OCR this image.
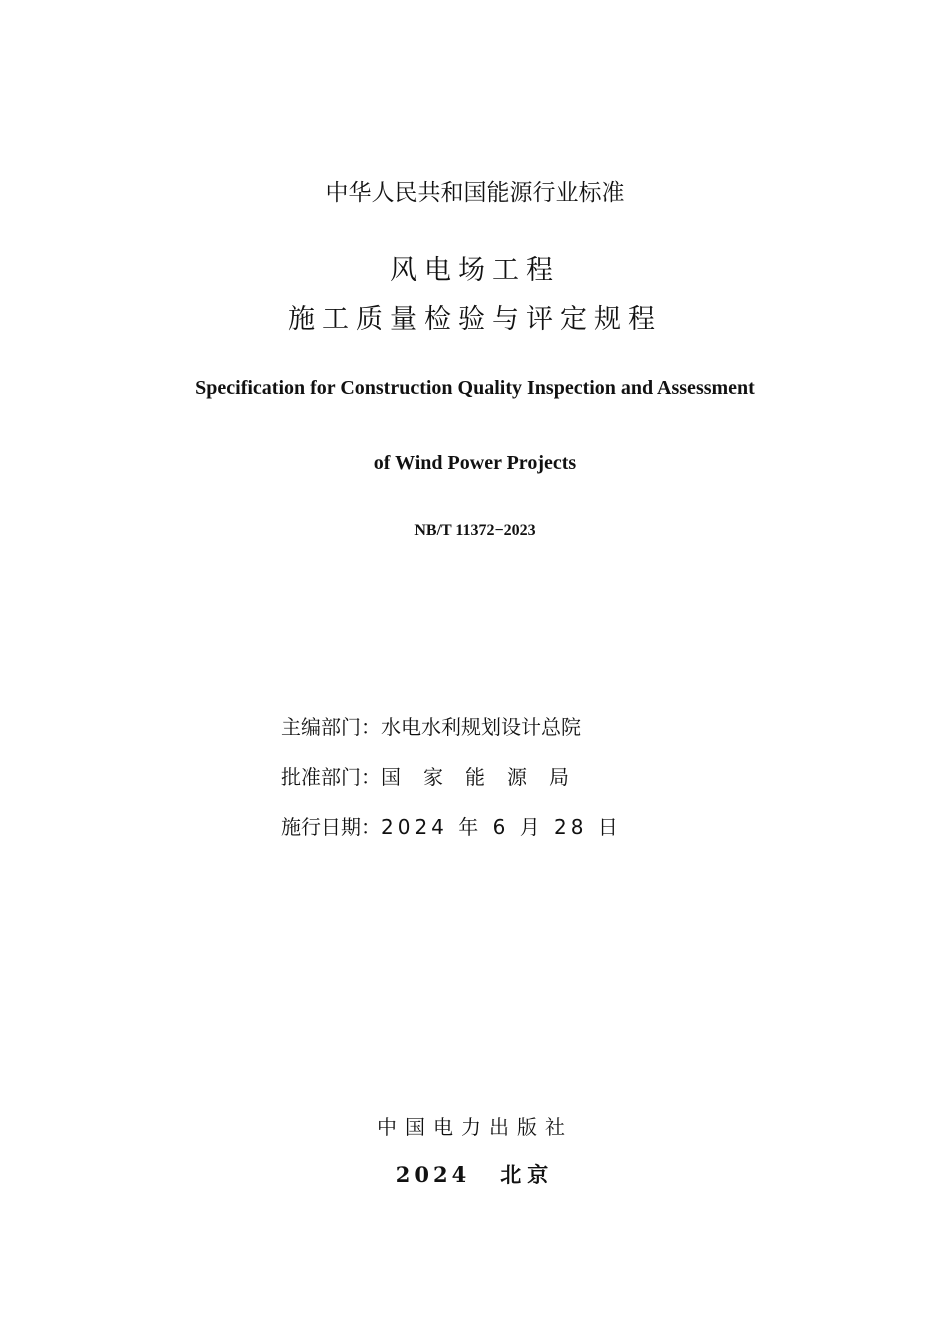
中华人民共和国能源行业标准
风电场工程
施工质量检验与评定规程
Specification for Construction Quality Inspection and Assessment
of Wind Power Projects
NB/T 11372−2023
主编部门：水电水利规划设计总院
批准部门：国家能源局
施行日期：2024 年 6 月 28 日
中国电力出版社
2024 北京
